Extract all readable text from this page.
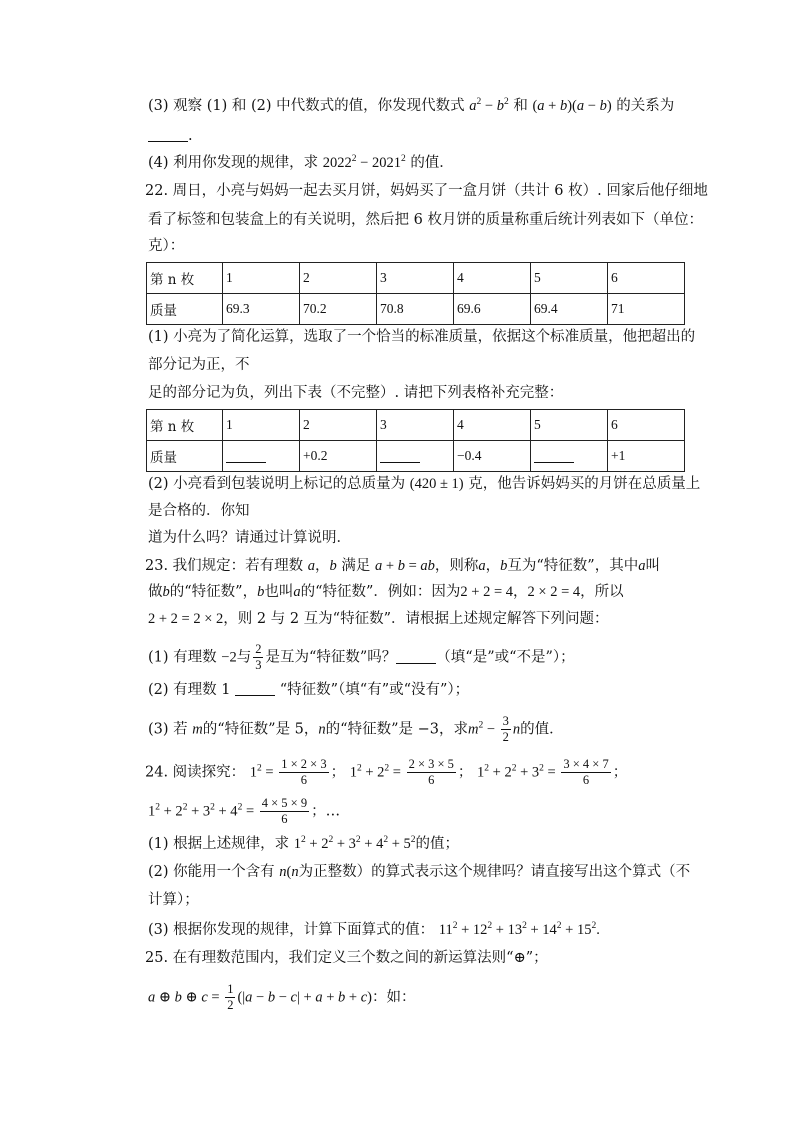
(3) 观察 (1) 和 (2) 中代数式的值，你发现代数式 $a^2 - b^2$ 和 (a + b)(a − b) 的关系为
.
(4) 利用你发现的规律，求 $2022^2 - 2021^2$ 的值．
22. 周日，小亮与妈妈一起去买月饼，妈妈买了一盒月饼（共计 6 枚）. 回家后他仔细地
看了标签和包装盒上的有关说明，然后把 6 枚月饼的质量称重后统计列表如下（单位：
克）：
第 n 枚	1	2	3	4	5	6
质量	69.3	70.2	70.8	69.6	69.4	71
(1) 小亮为了简化运算，选取了一个恰当的标准质量，依据这个标准质量，他把超出的
部分记为正，不
足的部分记为负，列出下表（不完整）. 请把下列表格补充完整：
第 n 枚	1	2	3	4	5	6
质量		+0.2		−0.4		+1
(2) 小亮看到包装说明上标记的总质量为 (420 ± 1) 克，他告诉妈妈买的月饼在总质量上
是合格的．你知
道为什么吗？请通过计算说明．
23. 我们规定：若有理数 a，b 满足 a + b = ab，则称a，b互为“特征数”，其中a叫
做b的“特征数”，b也叫a的“特征数”．例如：因为2 + 2 = 4，2 × 2 = 4，所以
2 + 2 = 2 × 2，则 2 与 2 互为“特征数”．请根据上述规定解答下列问题：
(1) 有理数 −2与 $\frac{2}{3}$ 是互为“特征数”吗？	（填“是”或“不是”）；
(2) 有理数 1	“特征数”（填“有”或“没有”）；
(3) 若 m的“特征数”是 5，n的“特征数”是 −3，求$m^2 - \frac{3}{2}$ n的值．
24. 阅读探究： $1^2 = \frac{1 \times 2 \times 3}{6}$ ； $1^2 + 2^2 = \frac{2 \times 3 \times 5}{6}$ ； $1^2 + 2^2 + 3^2 = \frac{3 \times 4 \times 7}{6}$ ；
$1^2 + 2^2 + 3^2 + 4^2 = \frac{4 \times 5 \times 9}{6}$ ；…
(1) 根据上述规律，求 $1^2 + 2^2 + 3^2 + 4^2 + 5^2$的值；
(2) 你能用一个含有 n(n为正整数）的算式表示这个规律吗？请直接写出这个算式（不
计算）；
(3) 根据你发现的规律，计算下面算式的值： $11^2 + 12^2 + 13^2 + 14^2 + 15^2$.
25. 在有理数范围内，我们定义三个数之间的新运算法则“⊕”；
a ⊕ b ⊕ $c = \frac{1}{2} (|a - b - c| + a + b + c)$：如：
